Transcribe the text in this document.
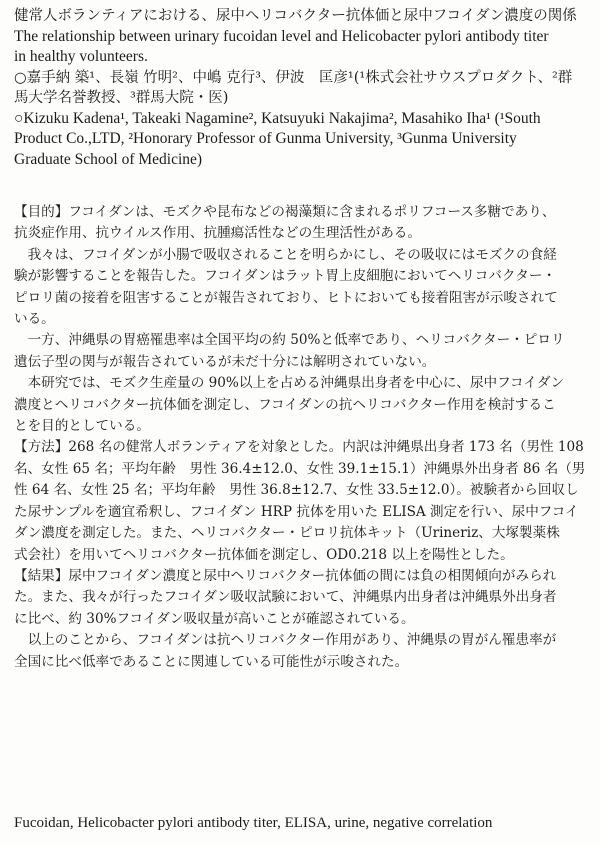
健常人ボランティアにおける、尿中ヘリコバクター抗体価と尿中フコイダン濃度の関係
The relationship between urinary fucoidan level and Helicobacter pylori antibody titer
in healthy volunteers.
○嘉手納 築¹、長嶺 竹明²、中嶋 克行³、伊波　匡彦¹(¹株式会社サウスプロダクト、²群
馬大学名誉教授、³群馬大院・医)
○Kizuku Kadena¹, Takeaki Nagamine², Katsuyuki Nakajima², Masahiko Iha¹ (¹South
Product Co.,LTD, ²Honorary Professor of Gunma University, ³Gunma University
Graduate School of Medicine)
【目的】フコイダンは、モズクや昆布などの褐藻類に含まれるポリフコース多糖であり、
抗炎症作用、抗ウイルス作用、抗腫瘍活性などの生理活性がある。
　我々は、フコイダンが小腸で吸収されることを明らかにし、その吸収にはモズクの食経
験が影響することを報告した。フコイダンはラット胃上皮細胞においてヘリコバクター・
ピロリ菌の接着を阻害することが報告されており、ヒトにおいても接着阻害が示唆されて
いる。
　一方、沖縄県の胃癌罹患率は全国平均の約 50%と低率であり、ヘリコバクター・ピロリ
遺伝子型の関与が報告されているが未だ十分には解明されていない。
　本研究では、モズク生産量の 90%以上を占める沖縄県出身者を中心に、尿中フコイダン
濃度とヘリコバクター抗体価を測定し、フコイダンの抗ヘリコバクター作用を検討するこ
とを目的としている。
【方法】268 名の健常人ボランティアを対象とした。内訳は沖縄県出身者 173 名（男性 108
名、女性 65 名；平均年齢　男性 36.4±12.0、女性 39.1±15.1）沖縄県外出身者 86 名（男
性 64 名、女性 25 名；平均年齢　男性 36.8±12.7、女性 33.5±12.0）。被験者から回収し
た尿サンプルを適宜希釈し、フコイダン HRP 抗体を用いた ELISA 測定を行い、尿中フコイ
ダン濃度を測定した。また、ヘリコバクター・ピロリ抗体キット（Urineriz、大塚製薬株
式会社）を用いてヘリコバクター抗体価を測定し、OD0.218 以上を陽性とした。
【結果】尿中フコイダン濃度と尿中ヘリコバクター抗体価の間には負の相関傾向がみられ
た。また、我々が行ったフコイダン吸収試験において、沖縄県内出身者は沖縄県外出身者
に比べ、約 30%フコイダン吸収量が高いことが確認されている。
　以上のことから、フコイダンは抗ヘリコバクター作用があり、沖縄県の胃がん罹患率が
全国に比べ低率であることに関連している可能性が示唆された。
Fucoidan, Helicobacter pylori antibody titer, ELISA, urine, negative correlation
